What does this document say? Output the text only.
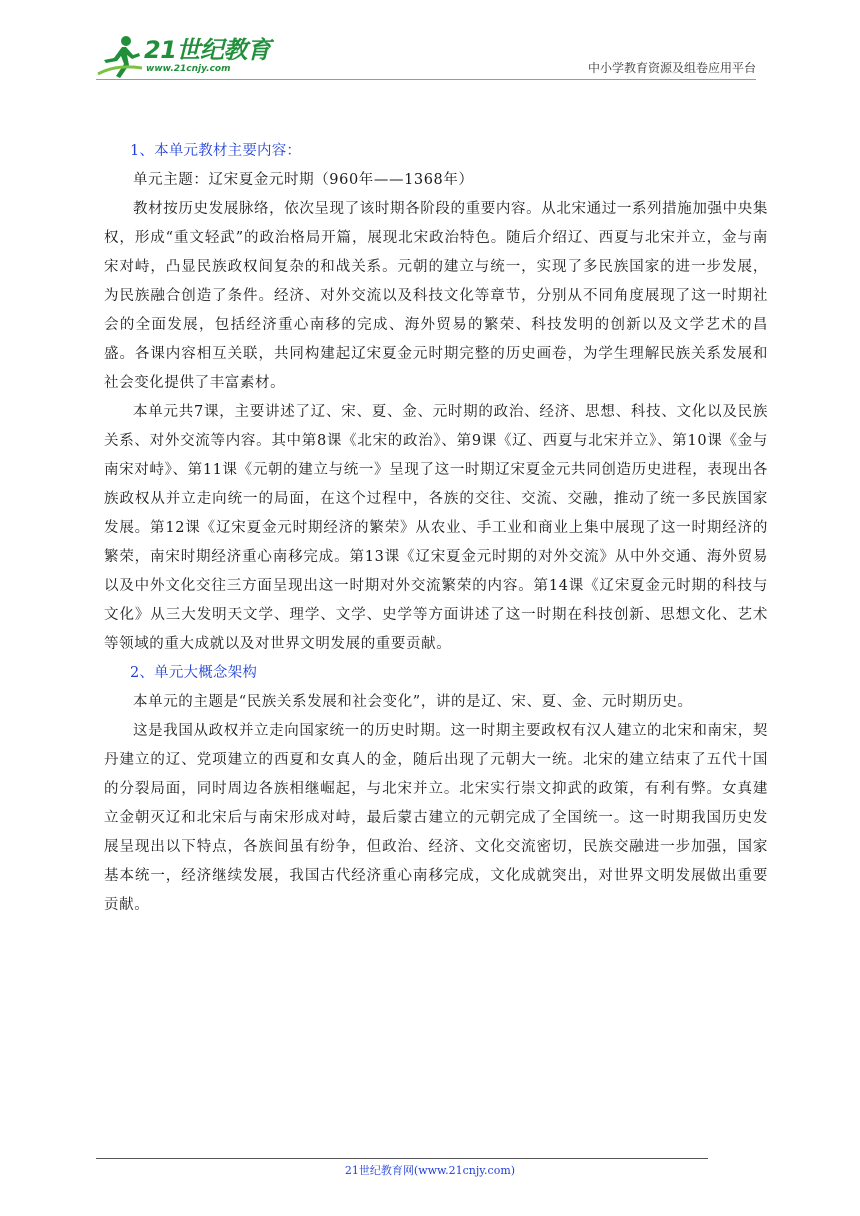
21世纪教育
www.21cnjy.com	中小学教育资源及组卷应用平台

1、本单元教材主要内容：

单元主题：辽宋夏金元时期（960年——1368年）

教材按历史发展脉络，依次呈现了该时期各阶段的重要内容。从北宋通过一系列措施加强中央集权，形成“重文轻武”的政治格局开篇，展现北宋政治特色。随后介绍辽、西夏与北宋并立，金与南宋对峙，凸显民族政权间复杂的和战关系。元朝的建立与统一，实现了多民族国家的进一步发展，为民族融合创造了条件。经济、对外交流以及科技文化等章节，分别从不同角度展现了这一时期社会的全面发展，包括经济重心南移的完成、海外贸易的繁荣、科技发明的创新以及文学艺术的昌盛。各课内容相互关联，共同构建起辽宋夏金元时期完整的历史画卷，为学生理解民族关系发展和社会变化提供了丰富素材。

本单元共7课，主要讲述了辽、宋、夏、金、元时期的政治、经济、思想、科技、文化以及民族关系、对外交流等内容。其中第8课《北宋的政治》、第9课《辽、西夏与北宋并立》、第10课《金与南宋对峙》、第11课《元朝的建立与统一》呈现了这一时期辽宋夏金元共同创造历史进程，表现出各族政权从并立走向统一的局面，在这个过程中，各族的交往、交流、交融，推动了统一多民族国家发展。第12课《辽宋夏金元时期经济的繁荣》从农业、手工业和商业上集中展现了这一时期经济的繁荣，南宋时期经济重心南移完成。第13课《辽宋夏金元时期的对外交流》从中外交通、海外贸易以及中外文化交往三方面呈现出这一时期对外交流繁荣的内容。第14课《辽宋夏金元时期的科技与文化》从三大发明天文学、理学、文学、史学等方面讲述了这一时期在科技创新、思想文化、艺术等领域的重大成就以及对世界文明发展的重要贡献。

2、单元大概念架构

本单元的主题是“民族关系发展和社会变化”，讲的是辽、宋、夏、金、元时期历史。

这是我国从政权并立走向国家统一的历史时期。这一时期主要政权有汉人建立的北宋和南宋，契丹建立的辽、党项建立的西夏和女真人的金，随后出现了元朝大一统。北宋的建立结束了五代十国的分裂局面，同时周边各族相继崛起，与北宋并立。北宋实行崇文抑武的政策，有利有弊。女真建立金朝灭辽和北宋后与南宋形成对峙，最后蒙古建立的元朝完成了全国统一。这一时期我国历史发展呈现出以下特点，各族间虽有纷争，但政治、经济、文化交流密切，民族交融进一步加强，国家基本统一，经济继续发展，我国古代经济重心南移完成，文化成就突出，对世界文明发展做出重要贡献。

21世纪教育网(www.21cnjy.com)
